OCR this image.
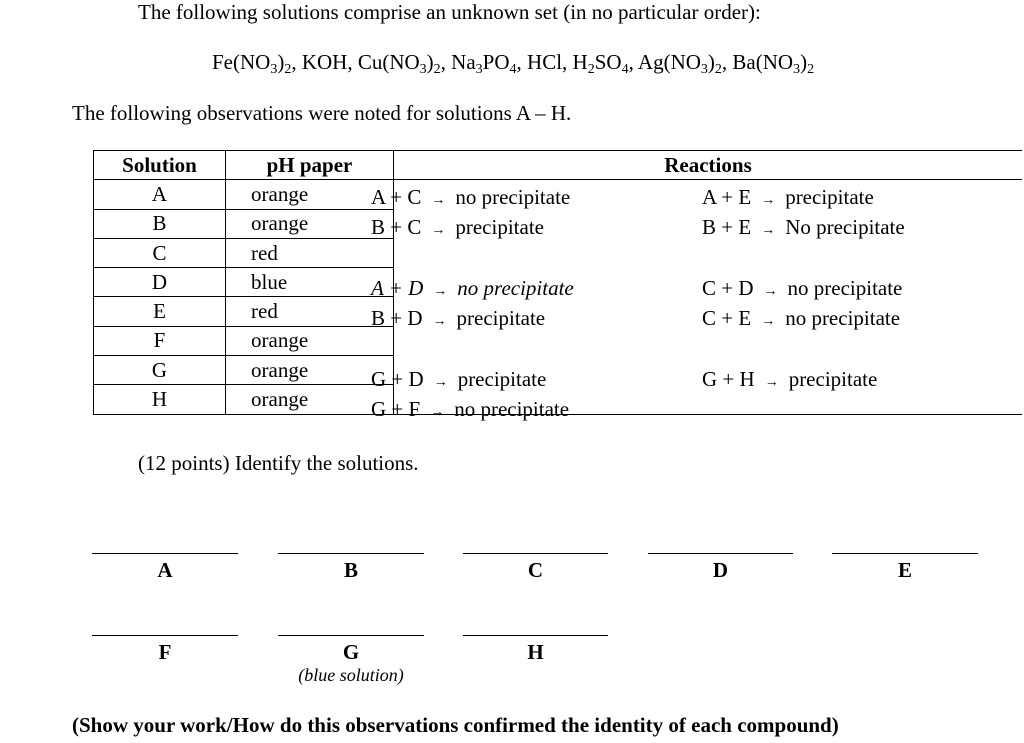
The following solutions comprise an unknown set (in no particular order):
$Fe(NO_3)_2$, KOH, $Cu(NO_3)_2$, $Na_3PO_4$, HCl, $H_2SO_4$, $Ag(NO_3)_2$, $Ba(NO_3)_2$
The following observations were noted for solutions A – H.
Solution	pH paper	Reactions
A	orange	
B	orange	
C	red	
D	blue	
E	red	
F	orange	
G	orange	
H	orange	
A + C → no precipitate	A + E → precipitate
B + C → precipitate	B + E → No precipitate
A + D → no precipitate	C + D → no precipitate
B + D → precipitate	C + E → no precipitate
G + D → precipitate	G + H → precipitate
G + F → no precipitate
(12 points) Identify the solutions.
A	B	C	D	E
F	G	H
(blue solution)
(Show your work/How do this observations confirmed the identity of each compound)
